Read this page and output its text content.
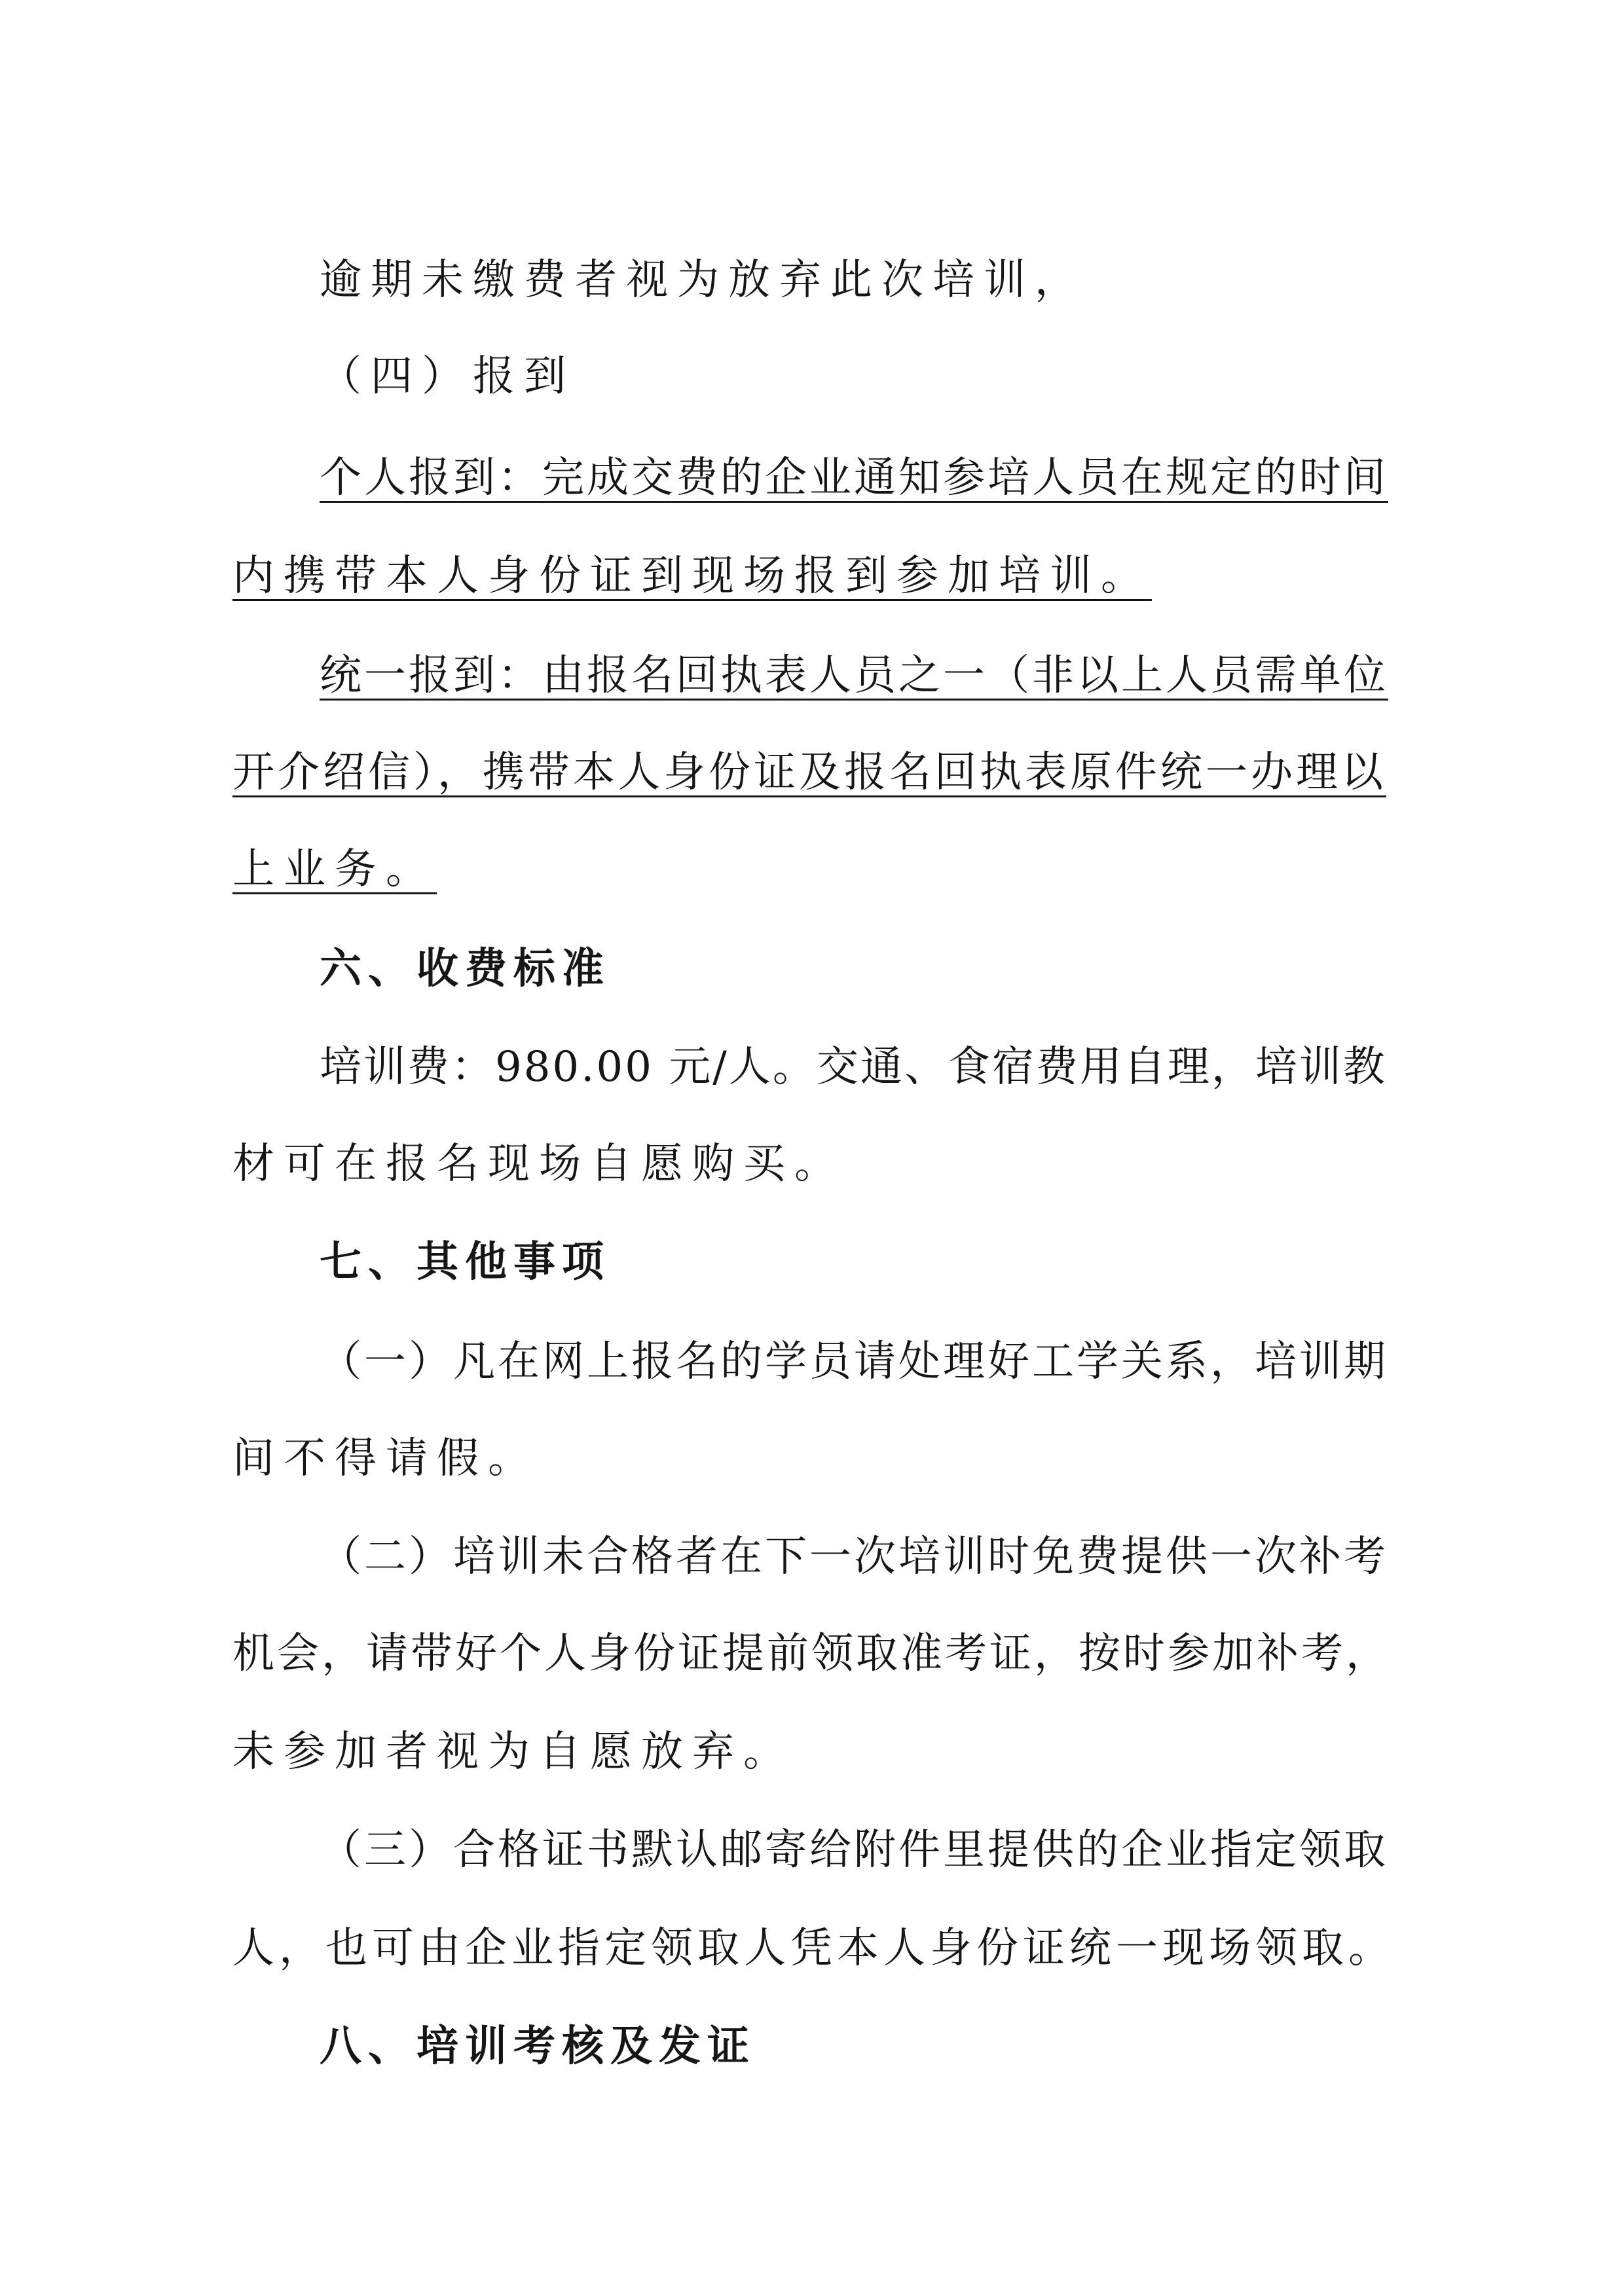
逾期未缴费者视为放弃此次培训，
（四）报到
个人报到：完成交费的企业通知参培人员在规定的时间
内携带本人身份证到现场报到参加培训。
统一报到：由报名回执表人员之一（非以上人员需单位
开介绍信），携带本人身份证及报名回执表原件统一办理以
上业务。
六、收费标准
培训费：980.00 元/人。交通、食宿费用自理，培训教
材可在报名现场自愿购买。
七、其他事项
（一）凡在网上报名的学员请处理好工学关系，培训期
间不得请假。
（二）培训未合格者在下一次培训时免费提供一次补考
机会，请带好个人身份证提前领取准考证，按时参加补考，
未参加者视为自愿放弃。
（三）合格证书默认邮寄给附件里提供的企业指定领取
人，也可由企业指定领取人凭本人身份证统一现场领取。
八、培训考核及发证
